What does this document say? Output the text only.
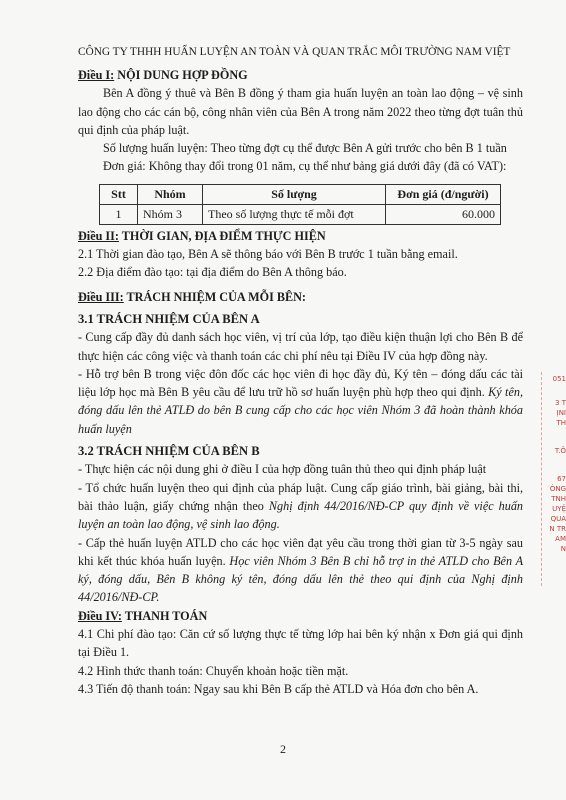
CÔNG TY THHH HUẤN LUYỆN AN TOÀN VÀ QUAN TRẮC MÔI TRƯỜNG NAM VIỆT

Điều I: NỘI DUNG HỢP ĐỒNG

Bên A đồng ý thuê và Bên B đồng ý tham gia huấn luyện an toàn lao động – vệ sinh lao động cho các cán bộ, công nhân viên của Bên A trong năm 2022 theo từng đợt tuân thủ qui định của pháp luật.

Số lượng huấn luyện: Theo từng đợt cụ thể được Bên A gửi trước cho bên B 1 tuần

Đơn giá: Không thay đổi trong 01 năm, cụ thể như bảng giá dưới đây (đã có VAT):

Stt	Nhóm	Số lượng	Đơn giá (đ/người)
1	Nhóm 3	Theo số lượng thực tế mỗi đợt	60.000

Điều II: THỜI GIAN, ĐỊA ĐIỂM THỰC HIỆN

2.1 Thời gian đào tạo, Bên A sẽ thông báo với Bên B trước 1 tuần bằng email.

2.2 Địa điểm đào tạo: tại địa điểm do Bên A thông báo.

Điều III: TRÁCH NHIỆM CỦA MỖI BÊN:

3.1 TRÁCH NHIỆM CỦA BÊN A

- Cung cấp đầy đủ danh sách học viên, vị trí của lớp, tạo điều kiện thuận lợi cho Bên B để thực hiện các công việc và thanh toán các chi phí nêu tại Điều IV của hợp đồng này.

- Hỗ trợ bên B trong việc đôn đốc các học viên đi học đầy đủ, Ký tên – đóng dấu các tài liệu lớp học mà Bên B yêu cầu để lưu trữ hồ sơ huấn luyện phù hợp theo qui định. Ký tên, đóng dấu lên thẻ ATLĐ do bên B cung cấp cho các học viên Nhóm 3 đã hoàn thành khóa huấn luyện

3.2 TRÁCH NHIỆM CỦA BÊN B

- Thực hiện các nội dung ghi ở điều I của hợp đồng tuân thủ theo qui định pháp luật

- Tổ chức huấn luyện theo qui định của pháp luật. Cung cấp giáo trình, bài giảng, bài thi, bài thảo luận, giấy chứng nhận theo Nghị định 44/2016/NĐ-CP quy định về việc huấn luyện an toàn lao động, vệ sinh lao động.

- Cấp thẻ huấn luyện ATLD cho các học viên đạt yêu cầu trong thời gian từ 3-5 ngày sau khi kết thúc khóa huấn luyện. Học viên Nhóm 3 Bên B chỉ hỗ trợ in thẻ ATLD cho Bên A ký, đóng dấu, Bên B không ký tên, đóng dấu lên thẻ theo qui định của Nghị định 44/2016/NĐ-CP.

Điều IV: THANH TOÁN

4.1 Chi phí đào tạo: Căn cứ số lượng thực tế từng lớp hai bên ký nhận x Đơn giá qui định tại Điều 1.

4.2 Hình thức thanh toán: Chuyển khoản hoặc tiền mặt.

4.3 Tiến độ thanh toán: Ngay sau khi Bên B cấp thẻ ATLD và Hóa đơn cho bên A.

2
051
3 T
ỊNI
TH
T.Ô
67
ÒNG
TNH
UYỆ
QUA
N TR
AM
N
